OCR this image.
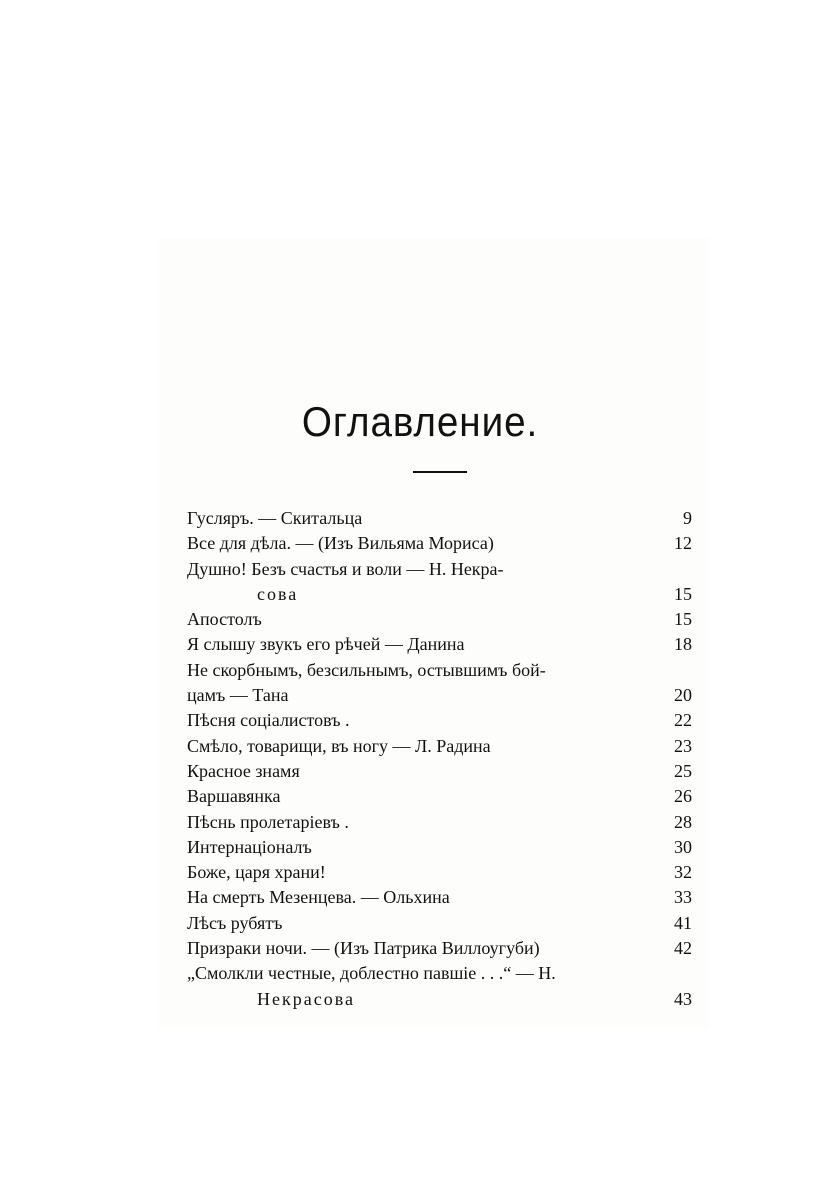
Оглавление.
Гусляръ. — Скитальца	9
Все для дѣла. — (Изъ Вильяма Мориса)	12
Душно! Безъ счастья и воли — Н. Некра-
сова	15
Апостолъ	15
Я слышу звукъ его рѣчей — Данина	18
Не скорбнымъ, безсильнымъ, остывшимъ бой-
цамъ — Тана	20
Пѣсня соціалистовъ .	22
Смѣло, товарищи, въ ногу — Л. Радина	23
Красное знамя	25
Варшавянка	26
Пѣснь пролетаріевъ .	28
Интернаціоналъ	30
Боже, царя храни!	32
На смерть Мезенцева. — Ольхина	33
Лѣсъ рубятъ	41
Призраки ночи. — (Изъ Патрика Виллоугуби)	42
„Смолкли честные, доблестно павшіе . . .“ — Н.
Некрасова	43
